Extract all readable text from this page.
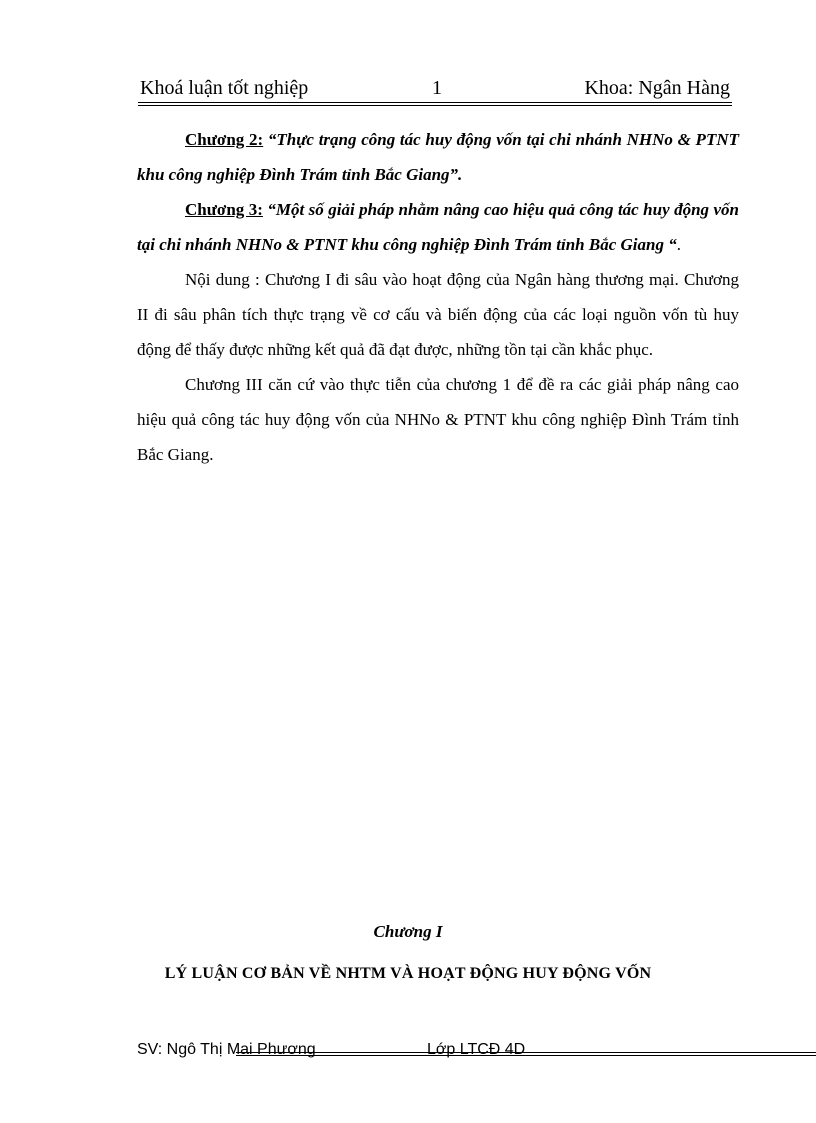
Khoá luận tốt nghiệp	1	Khoa: Ngân Hàng

Chương 2: “Thực trạng công tác huy động vốn tại chi nhánh NHNo & PTNT khu công nghiệp Đình Trám tỉnh Bắc Giang”.

Chương 3: “Một số giải pháp nhằm nâng cao hiệu quả công tác huy động vốn tại chi nhánh NHNo & PTNT khu công nghiệp Đình Trám tỉnh Bắc Giang “.

Nội dung : Chương I đi sâu vào hoạt động của Ngân hàng thương mại. Chương II đi sâu phân tích thực trạng về cơ cấu và biến động của các loại nguồn vốn tù huy động để thấy được những kết quả đã đạt được, những tồn tại cần khắc phục.

Chương III căn cứ vào thực tiễn của chương 1 để đề ra các giải pháp nâng cao hiệu quả công tác huy động vốn của NHNo & PTNT khu công nghiệp Đình Trám tỉnh Bắc Giang.

Chương I
LÝ LUẬN CƠ BẢN VỀ NHTM VÀ HOẠT ĐỘNG HUY ĐỘNG VỐN
SV: Ngô Thị Mai Phương	Lớp LTCĐ 4D
